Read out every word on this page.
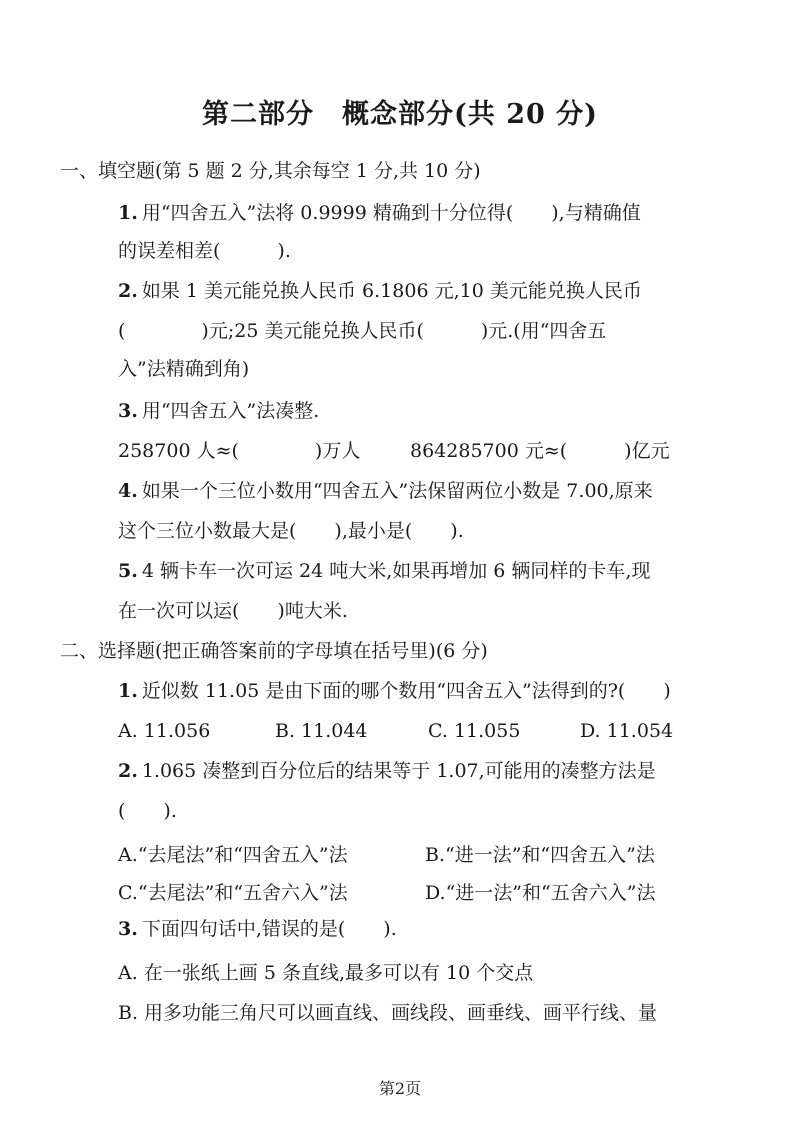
第二部分　概念部分(共 20 分)
一、填空题(第 5 题 2 分,其余每空 1 分,共 10 分)
1. 用“四舍五入”法将 0.9999 精确到十分位得(　　),与精确值
的误差相差(　　　).
2. 如果 1 美元能兑换人民币 6.1806 元,10 美元能兑换人民币
(　　　　)元;25 美元能兑换人民币(　　　)元.(用“四舍五
入”法精确到角)
3. 用“四舍五入”法凑整.
258700 人≈(　　　　)万人	864285700 元≈(　　　)亿元
4. 如果一个三位小数用“四舍五入”法保留两位小数是 7.00,原来
这个三位小数最大是(　　),最小是(　　).
5. 4 辆卡车一次可运 24 吨大米,如果再增加 6 辆同样的卡车,现
在一次可以运(　　)吨大米.
二、选择题(把正确答案前的字母填在括号里)(6 分)
1. 近似数 11.05 是由下面的哪个数用“四舍五入”法得到的?(　　)
A. 11.056	B. 11.044	C. 11.055	D. 11.054
2. 1.065 凑整到百分位后的结果等于 1.07,可能用的凑整方法是
(　　).
A.“去尾法”和“四舍五入”法	B.“进一法”和“四舍五入”法
C.“去尾法”和“五舍六入”法	D.“进一法”和“五舍六入”法
3. 下面四句话中,错误的是(　　).
A. 在一张纸上画 5 条直线,最多可以有 10 个交点
B. 用多功能三角尺可以画直线、画线段、画垂线、画平行线、量
第2页
